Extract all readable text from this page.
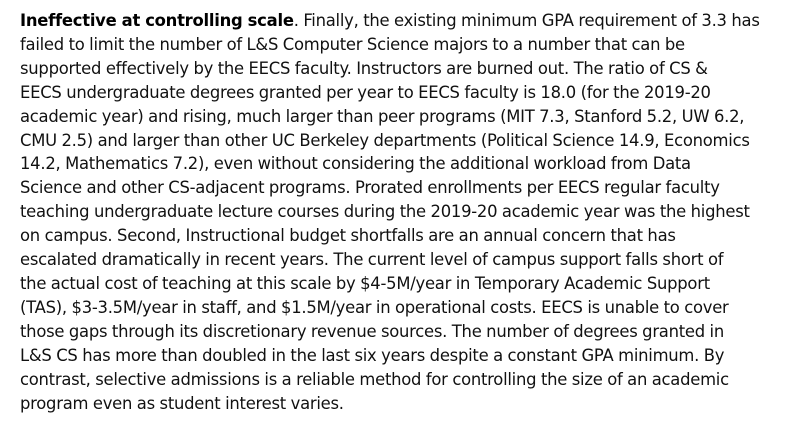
Ineffective at controlling scale. Finally, the existing minimum GPA requirement of 3.3 has
failed to limit the number of L&S Computer Science majors to a number that can be
supported effectively by the EECS faculty. Instructors are burned out. The ratio of CS &
EECS undergraduate degrees granted per year to EECS faculty is 18.0 (for the 2019-20
academic year) and rising, much larger than peer programs (MIT 7.3, Stanford 5.2, UW 6.2,
CMU 2.5) and larger than other UC Berkeley departments (Political Science 14.9, Economics
14.2, Mathematics 7.2), even without considering the additional workload from Data
Science and other CS-adjacent programs. Prorated enrollments per EECS regular faculty
teaching undergraduate lecture courses during the 2019-20 academic year was the highest
on campus. Second, Instructional budget shortfalls are an annual concern that has
escalated dramatically in recent years. The current level of campus support falls short of
the actual cost of teaching at this scale by $4-5M/year in Temporary Academic Support
(TAS), $3-3.5M/year in staff, and $1.5M/year in operational costs. EECS is unable to cover
those gaps through its discretionary revenue sources. The number of degrees granted in
L&S CS has more than doubled in the last six years despite a constant GPA minimum. By
contrast, selective admissions is a reliable method for controlling the size of an academic
program even as student interest varies.
